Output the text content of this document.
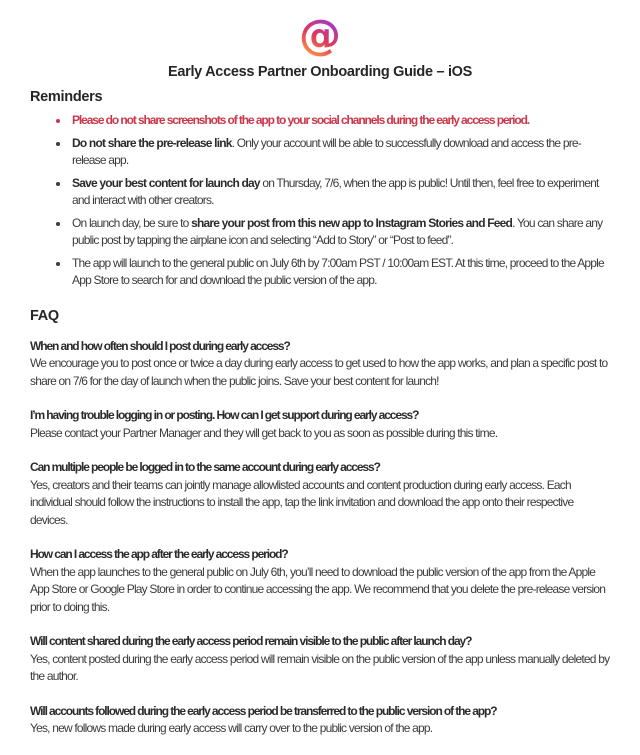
@
Early Access Partner Onboarding Guide – iOS
Reminders
• Please do not share screenshots of the app to your social channels during the early access period.
• Do not share the pre-release link. Only your account will be able to successfully download and access the pre-release app.
• Save your best content for launch day on Thursday, 7/6, when the app is public! Until then, feel free to experiment and interact with other creators.
• On launch day, be sure to share your post from this new app to Instagram Stories and Feed. You can share any public post by tapping the airplane icon and selecting “Add to Story” or “Post to feed”.
• The app will launch to the general public on July 6th by 7:00am PST / 10:00am EST. At this time, proceed to the Apple App Store to search for and download the public version of the app.
FAQ

When and how often should I post during early access?

We encourage you to post once or twice a day during early access to get used to how the app works, and plan a specific post to share on 7/6 for the day of launch when the public joins. Save your best content for launch!

I’m having trouble logging in or posting. How can I get support during early access?

Please contact your Partner Manager and they will get back to you as soon as possible during this time.

Can multiple people be logged in to the same account during early access?

Yes, creators and their teams can jointly manage allowlisted accounts and content production during early access. Each individual should follow the instructions to install the app, tap the link invitation and download the app onto their respective devices.

How can I access the app after the early access period?

When the app launches to the general public on July 6th, you’ll need to download the public version of the app from the Apple App Store or Google Play Store in order to continue accessing the app. We recommend that you delete the pre-release version prior to doing this.

Will content shared during the early access period remain visible to the public after launch day?

Yes, content posted during the early access period will remain visible on the public version of the app unless manually deleted by the author.

Will accounts followed during the early access period be transferred to the public version of the app?

Yes, new follows made during early access will carry over to the public version of the app.
